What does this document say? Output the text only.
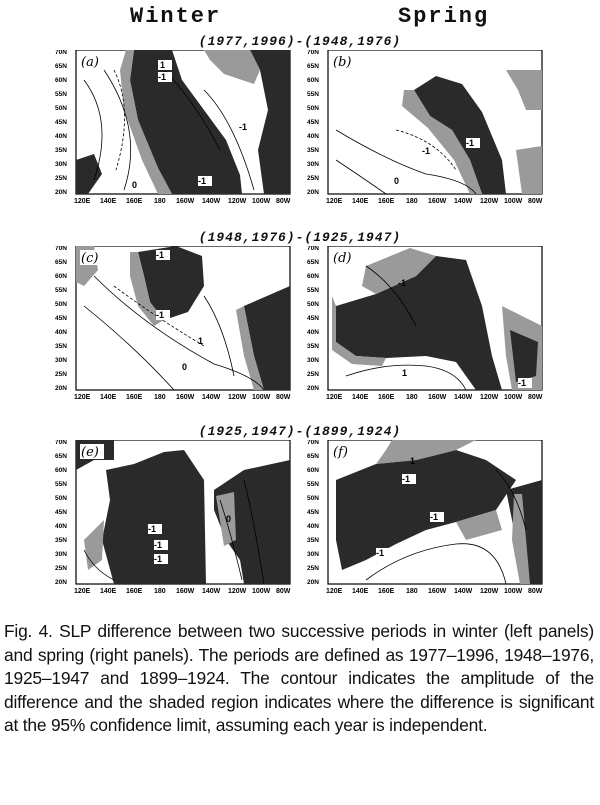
Winter	Spring
(1977,1996)-(1948,1976)
(1948,1976)-(1925,1947)
(1925,1947)-(1899,1924)
70N
65N
60N
55N
50N
45N
40N
35N
30N
25N
20N
120E 140E 160E 180 160W 140W 120W 100W 80W
(a)	1
-1
-1
-1
0
70N
65N
60N
55N
50N
45N
40N
35N
30N
25N
20N
120E 140E 160E 180 160W 140W 120W 100W 80W
(b)
-1
0
-1
70N
65N
60N
55N
50N
45N
40N
35N
30N
25N
20N
120E 140E 160E 180 160W 140W 120W 100W 80W
(c)	-1
-1
1
0
70N
65N
60N
55N
50N
45N
40N
35N
30N
25N
20N
120E 140E 160E 180 160W 140W 120W 100W 80W
(d)
-1
1
-1
70N
65N
60N
55N
50N
45N
40N
35N
30N
25N
20N
120E 140E 160E 180 160W 140W 120W 100W 80W
(e)
-1
-1
-1
0
70N
65N
60N
55N
50N
45N
40N
35N
30N
25N
20N
120E 140E 160E 180 160W 140W 120W 100W 80W
(f)
1
-1
-1
-1
Fig. 4. SLP difference between two successive periods in winter (left panels) and spring (right panels). The periods are defined as 1977–1996, 1948–1976, 1925–1947 and 1899–1924. The contour indicates the amplitude of the difference and the shaded region indicates where the difference is significant at the 95% confidence limit, assuming each year is independent.
